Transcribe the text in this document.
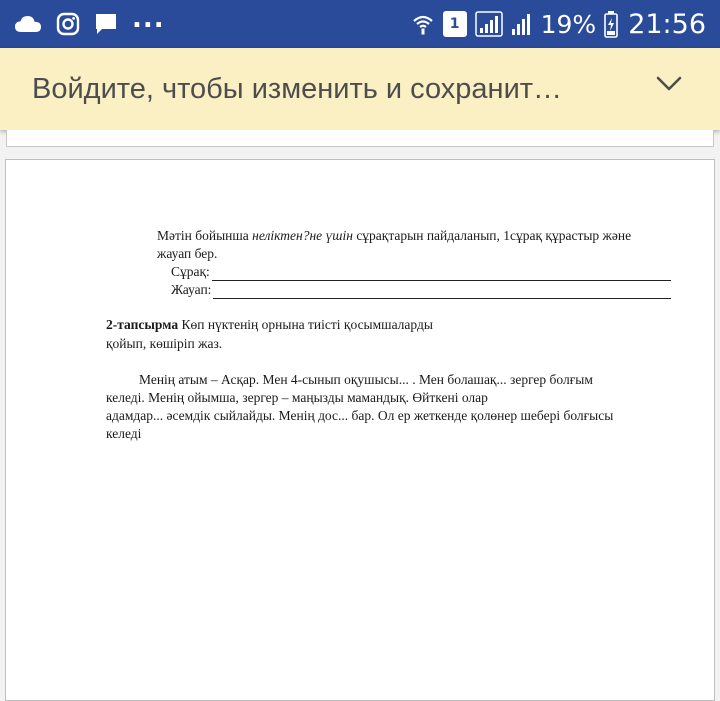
...	1	19% 21:56
Войдите, чтобы изменить и сохранит…
Мәтін бойынша неліктен?не үшін сұрақтарын пайдаланып, 1сұрақ құрастыр және
жауап бер.
Сұрақ:
Жауап:
2-тапсырма Көп нүктенің орнына тиісті қосымшаларды
қойып, көшіріп жаз.

Менің атым – Асқар. Мен 4-сынып оқушысы... . Мен болашақ... зергер болғым

келеді. Менің ойымша, зергер – маңызды мамандық. Өйткені олар

адамдар... әсемдік сыйлайды. Менің дос... бар. Ол ер жеткенде қолөнер шебері болғысы

келеді
